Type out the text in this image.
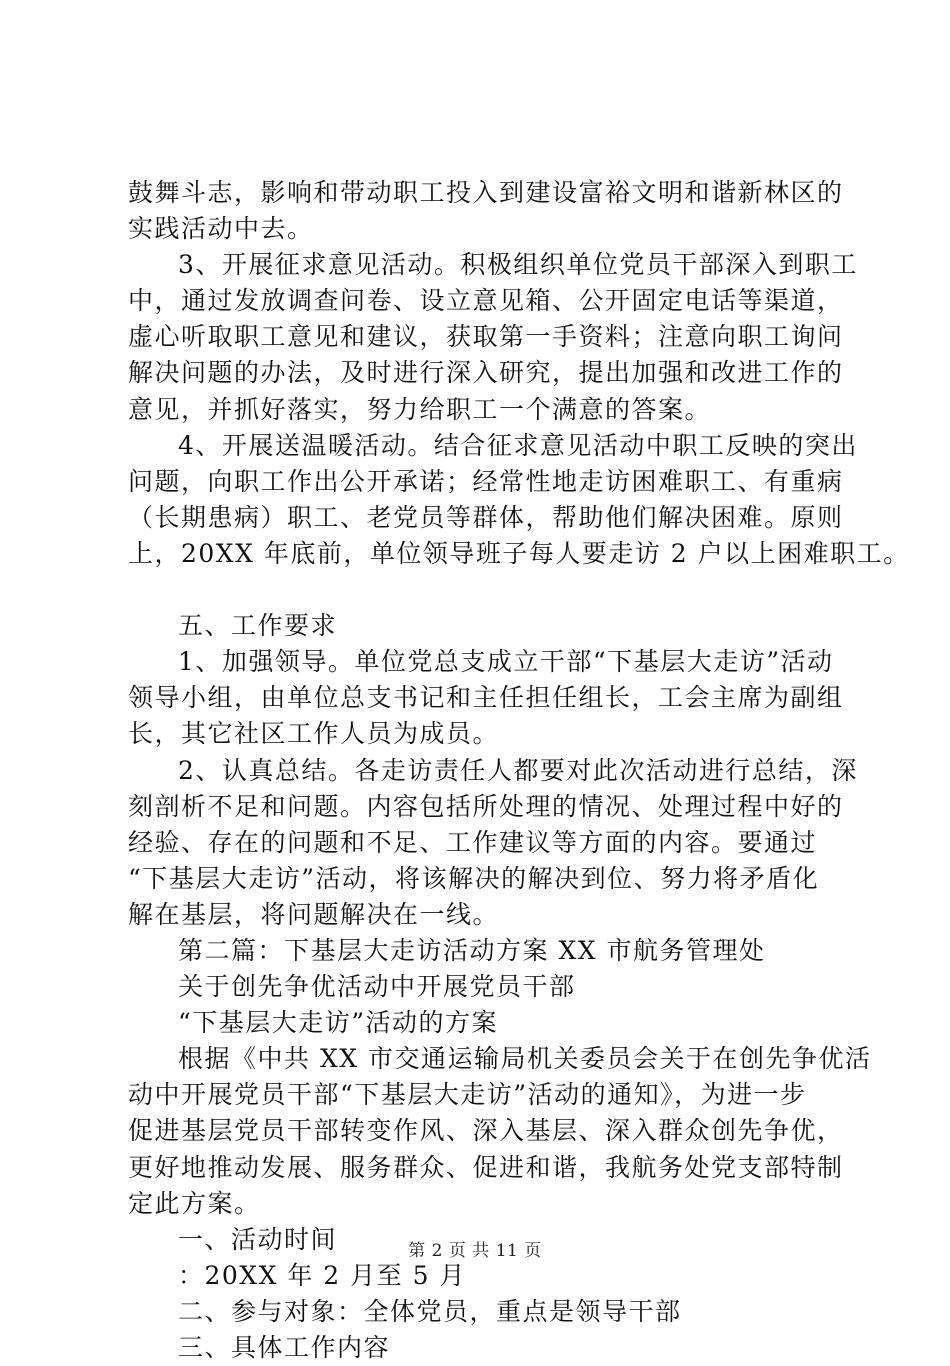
鼓舞斗志，影响和带动职工投入到建设富裕文明和谐新林区的
实践活动中去。
3、开展征求意见活动。积极组织单位党员干部深入到职工
中，通过发放调查问卷、设立意见箱、公开固定电话等渠道，
虚心听取职工意见和建议，获取第一手资料；注意向职工询问
解决问题的办法，及时进行深入研究，提出加强和改进工作的
意见，并抓好落实，努力给职工一个满意的答案。
4、开展送温暖活动。结合征求意见活动中职工反映的突出
问题，向职工作出公开承诺；经常性地走访困难职工、有重病
（长期患病）职工、老党员等群体，帮助他们解决困难。原则
上，20XX 年底前，单位领导班子每人要走访 2 户以上困难职工。
五、工作要求
1、加强领导。单位党总支成立干部“下基层大走访”活动
领导小组，由单位总支书记和主任担任组长，工会主席为副组
长，其它社区工作人员为成员。
2、认真总结。各走访责任人都要对此次活动进行总结，深
刻剖析不足和问题。内容包括所处理的情况、处理过程中好的
经验、存在的问题和不足、工作建议等方面的内容。要通过
“下基层大走访”活动，将该解决的解决到位、努力将矛盾化
解在基层，将问题解决在一线。
第二篇：下基层大走访活动方案 XX 市航务管理处
关于创先争优活动中开展党员干部
“下基层大走访”活动的方案
根据《中共 XX 市交通运输局机关委员会关于在创先争优活
动中开展党员干部“下基层大走访”活动的通知》，为进一步
促进基层党员干部转变作风、深入基层、深入群众创先争优，
更好地推动发展、服务群众、促进和谐，我航务处党支部特制
定此方案。
一、活动时间
：20XX 年 2 月至 5 月
二、参与对象：全体党员，重点是领导干部
三、具体工作内容
第 2 页 共 11 页
